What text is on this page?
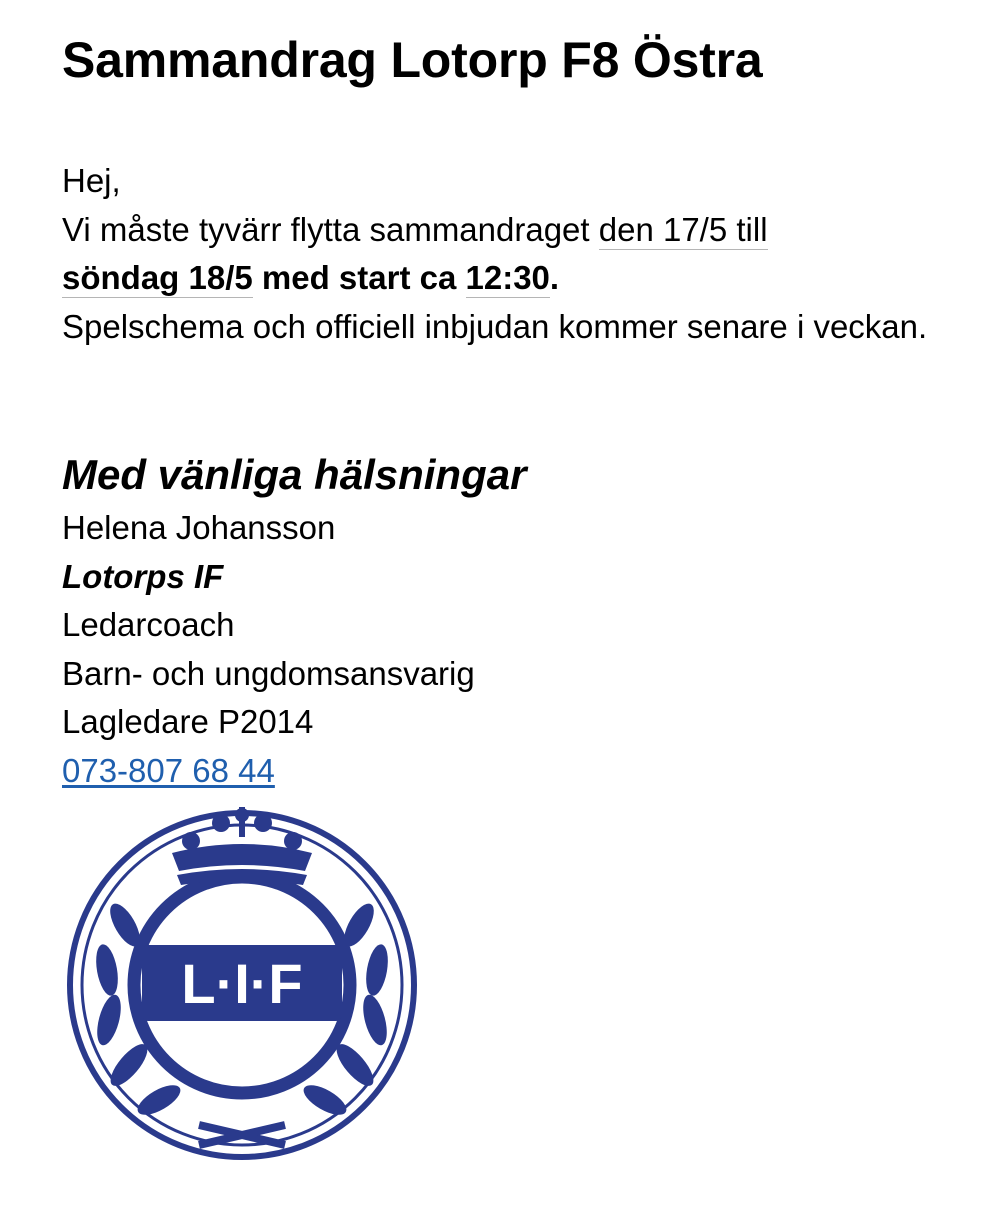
Sammandrag Lotorp F8 Östra

Hej,

Vi måste tyvärr flytta sammandraget den 17/5 till
söndag 18/5 med start ca 12:30.
Spelschema och officiell inbjudan kommer senare i veckan.

Med vänliga hälsningar
Helena Johansson
Lotorps IF
Ledarcoach
Barn- och ungdomsansvarig
Lagledare P2014
073-807 68 44
L·I·F
